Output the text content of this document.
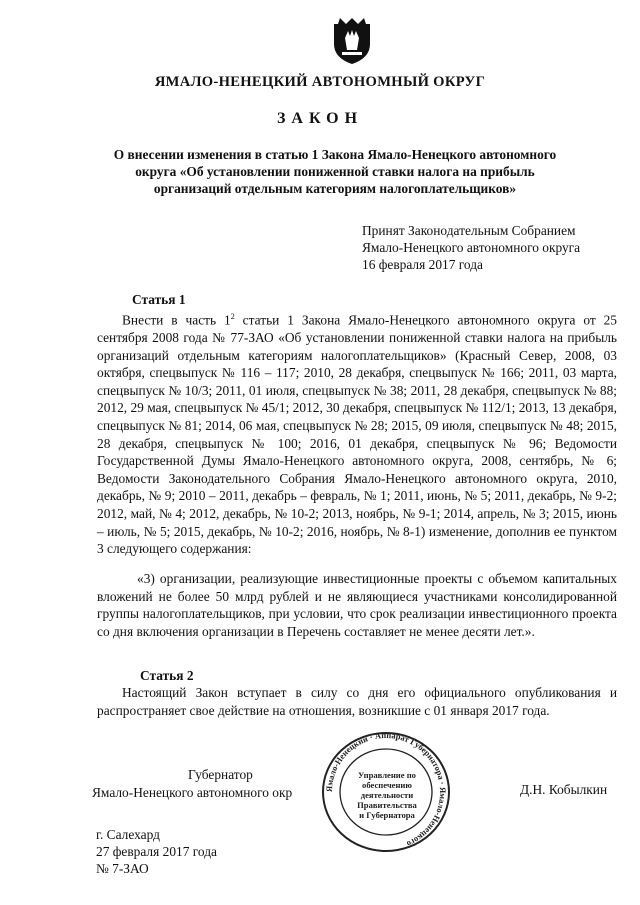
ЯМАЛО-НЕНЕЦКИЙ АВТОНОМНЫЙ ОКРУГ
ЗАКОН
О внесении изменения в статью 1 Закона Ямало-Ненецкого автономного
округа «Об установлении пониженной ставки налога на прибыль
организаций отдельным категориям налогоплательщиков»
Принят Законодательным Собранием
Ямало-Ненецкого автономного округа
16 февраля 2017 года
Статья 1

Внести в часть $1^2$ статьи 1 Закона Ямало-Ненецкого автономного округа от 25 сентября 2008 года № 77-ЗАО «Об установлении пониженной ставки налога на прибыль организаций отдельным категориям налогоплательщиков» (Красный Север, 2008, 03 октября, спецвыпуск № 116 – 117; 2010, 28 декабря, спецвыпуск № 166; 2011, 03 марта, спецвыпуск № 10/3; 2011, 01 июля, спецвыпуск № 38; 2011, 28 декабря, спецвыпуск № 88; 2012, 29 мая, спецвыпуск № 45/1; 2012, 30 декабря, спецвыпуск № 112/1; 2013, 13 декабря, спецвыпуск № 81; 2014, 06 мая, спецвыпуск № 28; 2015, 09 июля, спецвыпуск № 48; 2015, 28 декабря, спецвыпуск № 100; 2016, 01 декабря, спецвыпуск № 96; Ведомости Государственной Думы Ямало-Ненецкого автономного округа, 2008, сентябрь, № 6; Ведомости Законодательного Собрания Ямало-Ненецкого автономного округа, 2010, декабрь, № 9; 2010 – 2011, декабрь – февраль, № 1; 2011, июнь, № 5; 2011, декабрь, № 9-2; 2012, май, № 4; 2012, декабрь, № 10-2; 2013, ноябрь, № 9-1; 2014, апрель, № 3; 2015, июнь – июль, № 5; 2015, декабрь, № 10-2; 2016, ноябрь, № 8-1) изменение, дополнив ее пунктом 3 следующего содержания:

«3) организации, реализующие инвестиционные проекты с объемом капитальных вложений не более 50 млрд рублей и не являющиеся участниками консолидированной группы налогоплательщиков, при условии, что срок реализации инвестиционного проекта со дня включения организации в Перечень составляет не менее десяти лет.».
Статья 2

Настоящий Закон вступает в силу со дня его официального опубликования и распространяет свое действие на отношения, возникшие с 01 января 2017 года.

Губернатор
Ямало-Ненецкого автономного окр	Д.Н. Кобылкин
Ямало-Ненецкий · Аппарат Губернатора · Ямало-Ненецкого
Управление по
обеспечению
деятельности
Правительства
и Губернатора
г. Салехард
27 февраля 2017 года
№ 7-ЗАО
